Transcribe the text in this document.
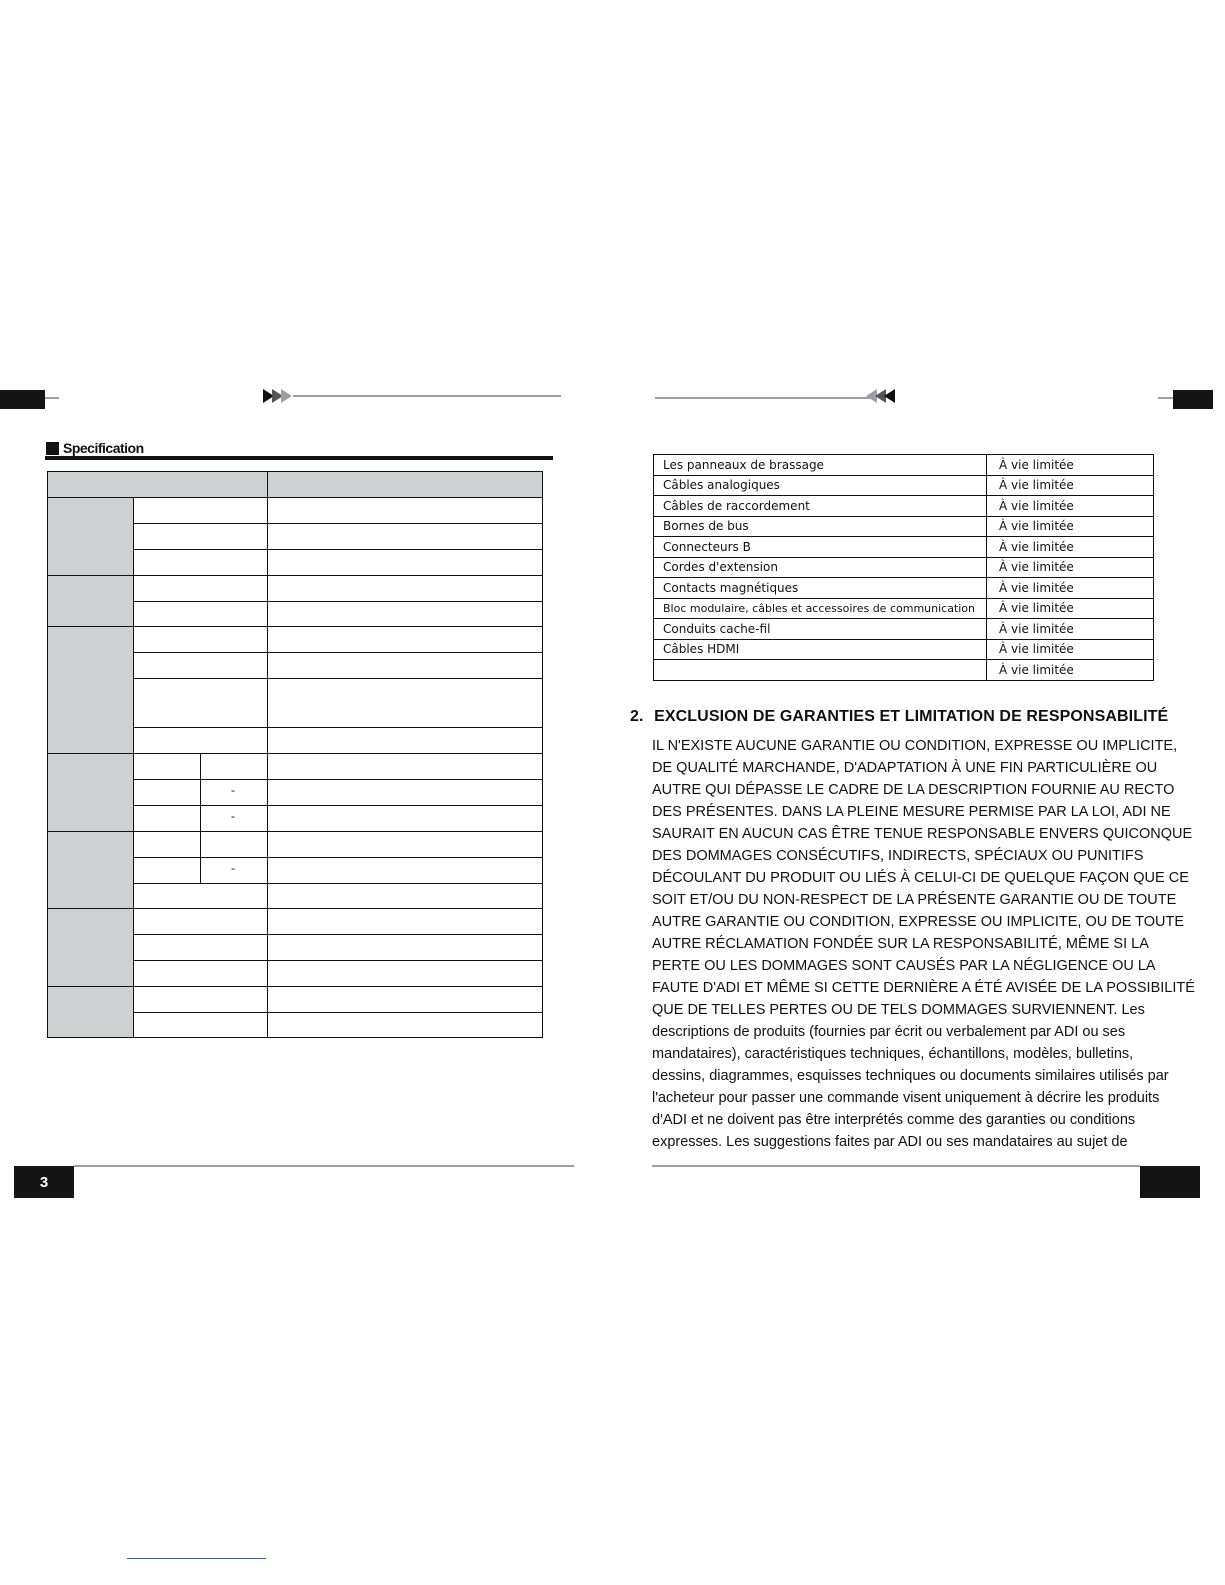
Specification
-
-
-
Les panneaux de brassage	À vie limitée
Câbles analogiques	À vie limitée
Câbles de raccordement	À vie limitée
Bornes de bus	À vie limitée
Connecteurs B	À vie limitée
Cordes d'extension	À vie limitée
Contacts magnétiques	À vie limitée
Bloc modulaire, câbles et accessoires de communication	À vie limitée
Conduits cache-fil	À vie limitée
Câbles HDMI	À vie limitée
	À vie limitée
2. EXCLUSION DE GARANTIES ET LIMITATION DE RESPONSABILITÉ
IL N'EXISTE AUCUNE GARANTIE OU CONDITION, EXPRESSE OU IMPLICITE,
DE QUALITÉ MARCHANDE, D'ADAPTATION À UNE FIN PARTICULIÈRE OU
AUTRE QUI DÉPASSE LE CADRE DE LA DESCRIPTION FOURNIE AU RECTO
DES PRÉSENTES. DANS LA PLEINE MESURE PERMISE PAR LA LOI, ADI NE
SAURAIT EN AUCUN CAS ÊTRE TENUE RESPONSABLE ENVERS QUICONQUE
DES DOMMAGES CONSÉCUTIFS, INDIRECTS, SPÉCIAUX OU PUNITIFS
DÉCOULANT DU PRODUIT OU LIÉS À CELUI-CI DE QUELQUE FAÇON QUE CE
SOIT ET/OU DU NON-RESPECT DE LA PRÉSENTE GARANTIE OU DE TOUTE
AUTRE GARANTIE OU CONDITION, EXPRESSE OU IMPLICITE, OU DE TOUTE
AUTRE RÉCLAMATION FONDÉE SUR LA RESPONSABILITÉ, MÊME SI LA
PERTE OU LES DOMMAGES SONT CAUSÉS PAR LA NÉGLIGENCE OU LA
FAUTE D'ADI ET MÊME SI CETTE DERNIÈRE A ÉTÉ AVISÉE DE LA POSSIBILITÉ
QUE DE TELLES PERTES OU DE TELS DOMMAGES SURVIENNENT. Les
descriptions de produits (fournies par écrit ou verbalement par ADI ou ses
mandataires), caractéristiques techniques, échantillons, modèles, bulletins,
dessins, diagrammes, esquisses techniques ou documents similaires utilisés par
l'acheteur pour passer une commande visent uniquement à décrire les produits
d'ADI et ne doivent pas être interprétés comme des garanties ou conditions
expresses. Les suggestions faites par ADI ou ses mandataires au sujet de
3
